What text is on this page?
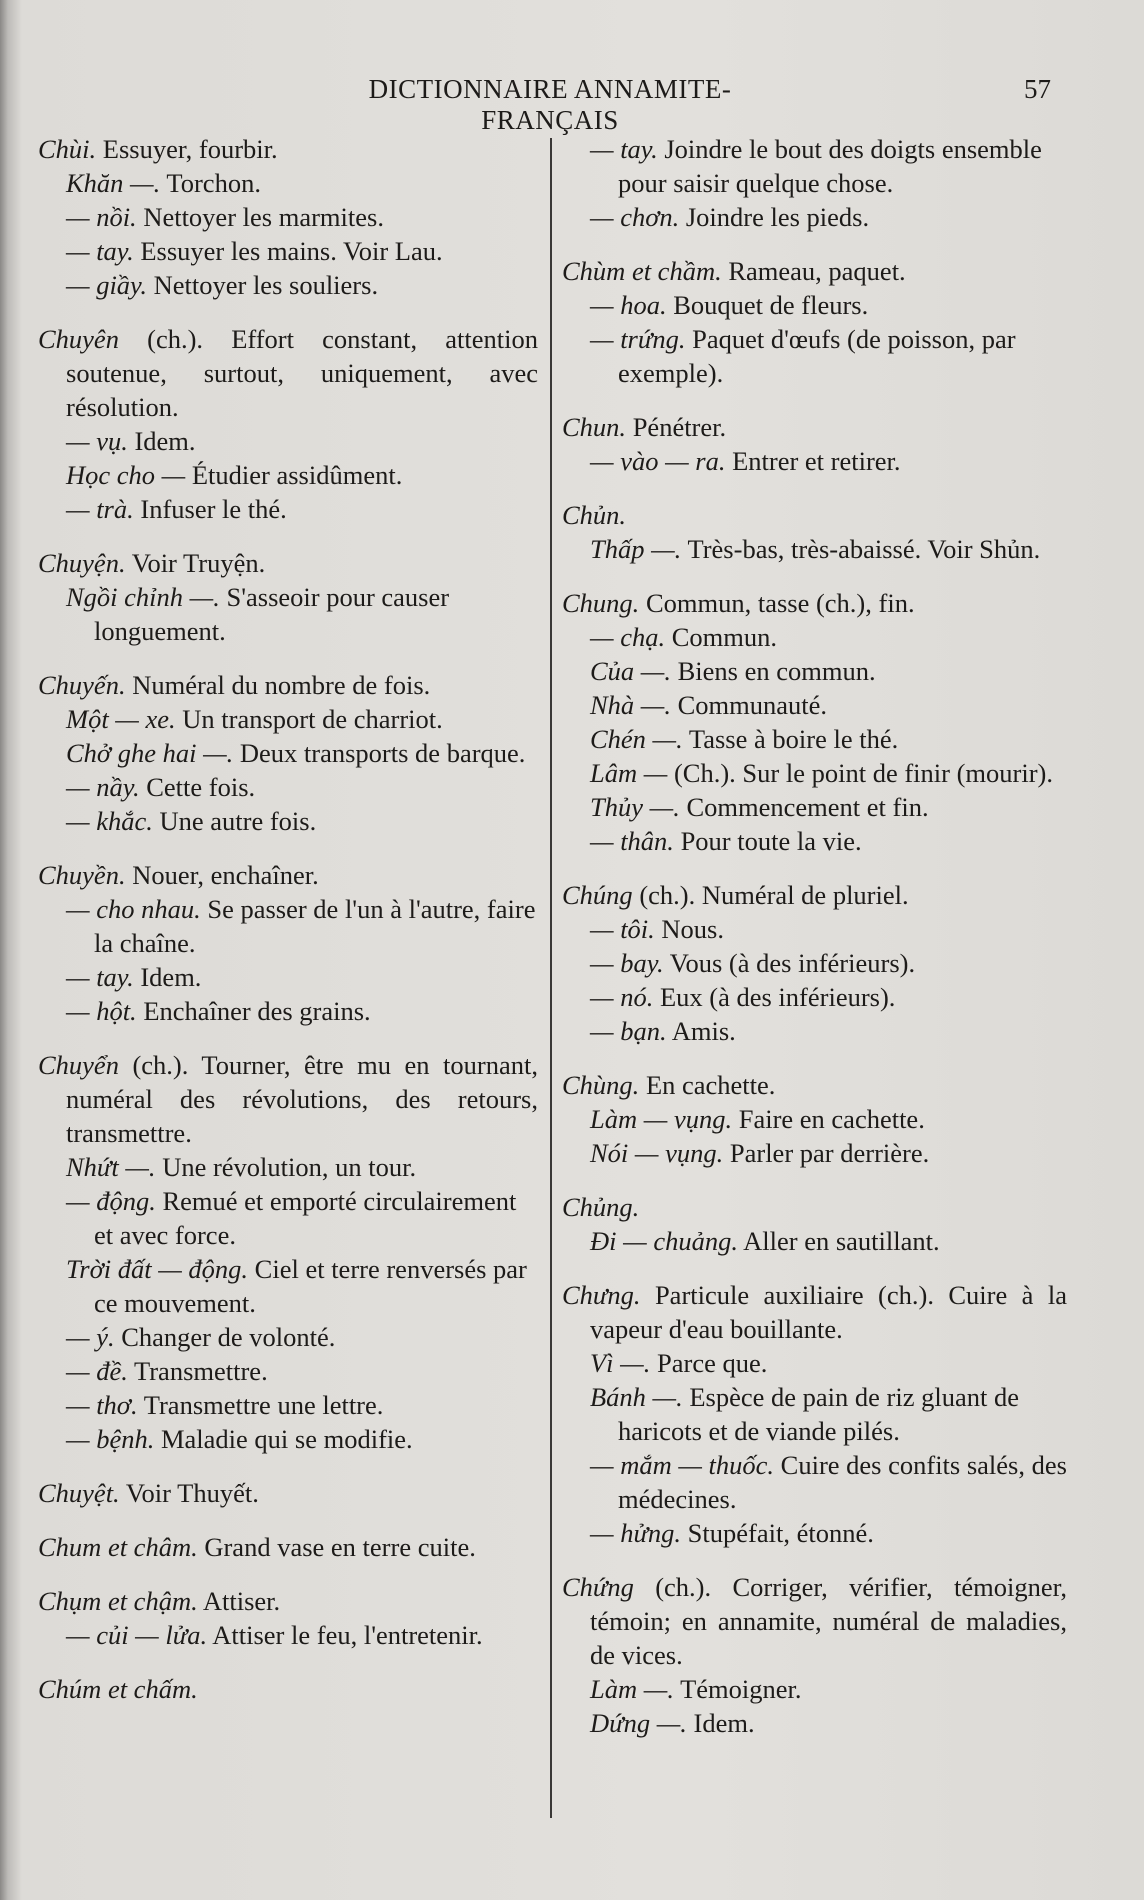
DICTIONNAIRE ANNAMITE-FRANÇAIS
57
Chùi. Essuyer, fourbir.
Khăn —. Torchon.
— nồi. Nettoyer les marmites.
— tay. Essuyer les mains. Voir Lau.
— giầy. Nettoyer les souliers.
Chuyên (ch.). Effort constant, attention soutenue, surtout, uniquement, avec résolution.
— vụ. Idem.
Học cho — Étudier assidûment.
— trà. Infuser le thé.
Chuyện. Voir Truyện.
Ngồi chỉnh —. S'asseoir pour causer longuement.
Chuyến. Numéral du nombre de fois.
Một — xe. Un transport de charriot.
Chở ghe hai —. Deux transports de barque.
— nầy. Cette fois.
— khắc. Une autre fois.
Chuyền. Nouer, enchaîner.
— cho nhau. Se passer de l'un à l'autre, faire la chaîne.
— tay. Idem.
— hột. Enchaîner des grains.
Chuyển (ch.). Tourner, être mu en tournant, numéral des révolutions, des retours, transmettre.
Nhứt —. Une révolution, un tour.
— động. Remué et emporté circulairement et avec force.
Trời đất — động. Ciel et terre renversés par ce mouvement.
— ý. Changer de volonté.
— đề. Transmettre.
— thơ. Transmettre une lettre.
— bệnh. Maladie qui se modifie.
Chuyệt. Voir Thuyết.
Chum et châm. Grand vase en terre cuite.
Chụm et chậm. Attiser.
— củi — lửa. Attiser le feu, l'entretenir.
Chúm et chấm.
— tay. Joindre le bout des doigts ensemble pour saisir quelque chose.
— chơn. Joindre les pieds.
Chùm et chầm. Rameau, paquet.
— hoa. Bouquet de fleurs.
— trứng. Paquet d'œufs (de poisson, par exemple).
Chun. Pénétrer.
— vào — ra. Entrer et retirer.
Chủn.
Thấp —. Très-bas, très-abaissé. Voir Shủn.
Chung. Commun, tasse (ch.), fin.
— chạ. Commun.
Của —. Biens en commun.
Nhà —. Communauté.
Chén —. Tasse à boire le thé.
Lâm — (Ch.). Sur le point de finir (mourir).
Thủy —. Commencement et fin.
— thân. Pour toute la vie.
Chúng (ch.). Numéral de pluriel.
— tôi. Nous.
— bay. Vous (à des inférieurs).
— nó. Eux (à des inférieurs).
— bạn. Amis.
Chùng. En cachette.
Làm — vụng. Faire en cachette.
Nói — vụng. Parler par derrière.
Chủng.
Đi — chuảng. Aller en sautillant.
Chưng. Particule auxiliaire (ch.). Cuire à la vapeur d'eau bouillante.
Vì —. Parce que.
Bánh —. Espèce de pain de riz gluant de haricots et de viande pilés.
— mắm — thuốc. Cuire des confits salés, des médecines.
— hửng. Stupéfait, étonné.
Chứng (ch.). Corriger, vérifier, témoigner, témoin; en annamite, numéral de maladies, de vices.
Làm —. Témoigner.
Dứng —. Idem.
